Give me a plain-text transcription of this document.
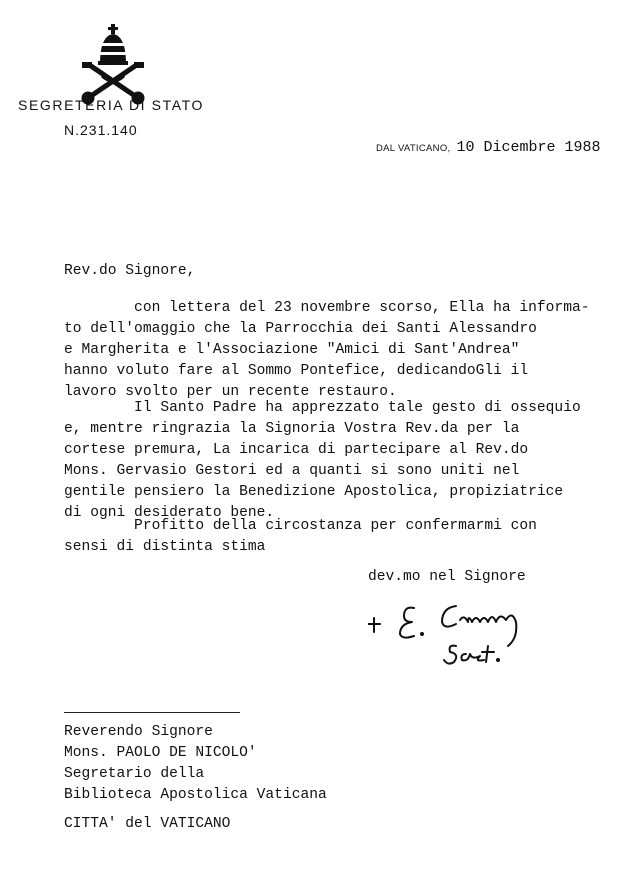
SEGRETERIA DI STATO
N.231.140

DAL VATICANO, 10 Dicembre 1988

Rev.do Signore,
con lettera del 23 novembre scorso, Ella ha informa-
to dell'omaggio che la Parrocchia dei Santi Alessandro
e Margherita e l'Associazione "Amici di Sant'Andrea"
hanno voluto fare al Sommo Pontefice, dedicandoGli il
lavoro svolto per un recente restauro.
Il Santo Padre ha apprezzato tale gesto di ossequio
e, mentre ringrazia la Signoria Vostra Rev.da per la
cortese premura, La incarica di partecipare al Rev.do
Mons. Gervasio Gestori ed a quanti si sono uniti nel
gentile pensiero la Benedizione Apostolica, propiziatrice
di ogni desiderato bene.
Profitto della circostanza per confermarmi con
sensi di distinta stima
dev.mo nel Signore
Reverendo Signore
Mons. PAOLO DE NICOLO'
Segretario della
Biblioteca Apostolica Vaticana
CITTA' del VATICANO
